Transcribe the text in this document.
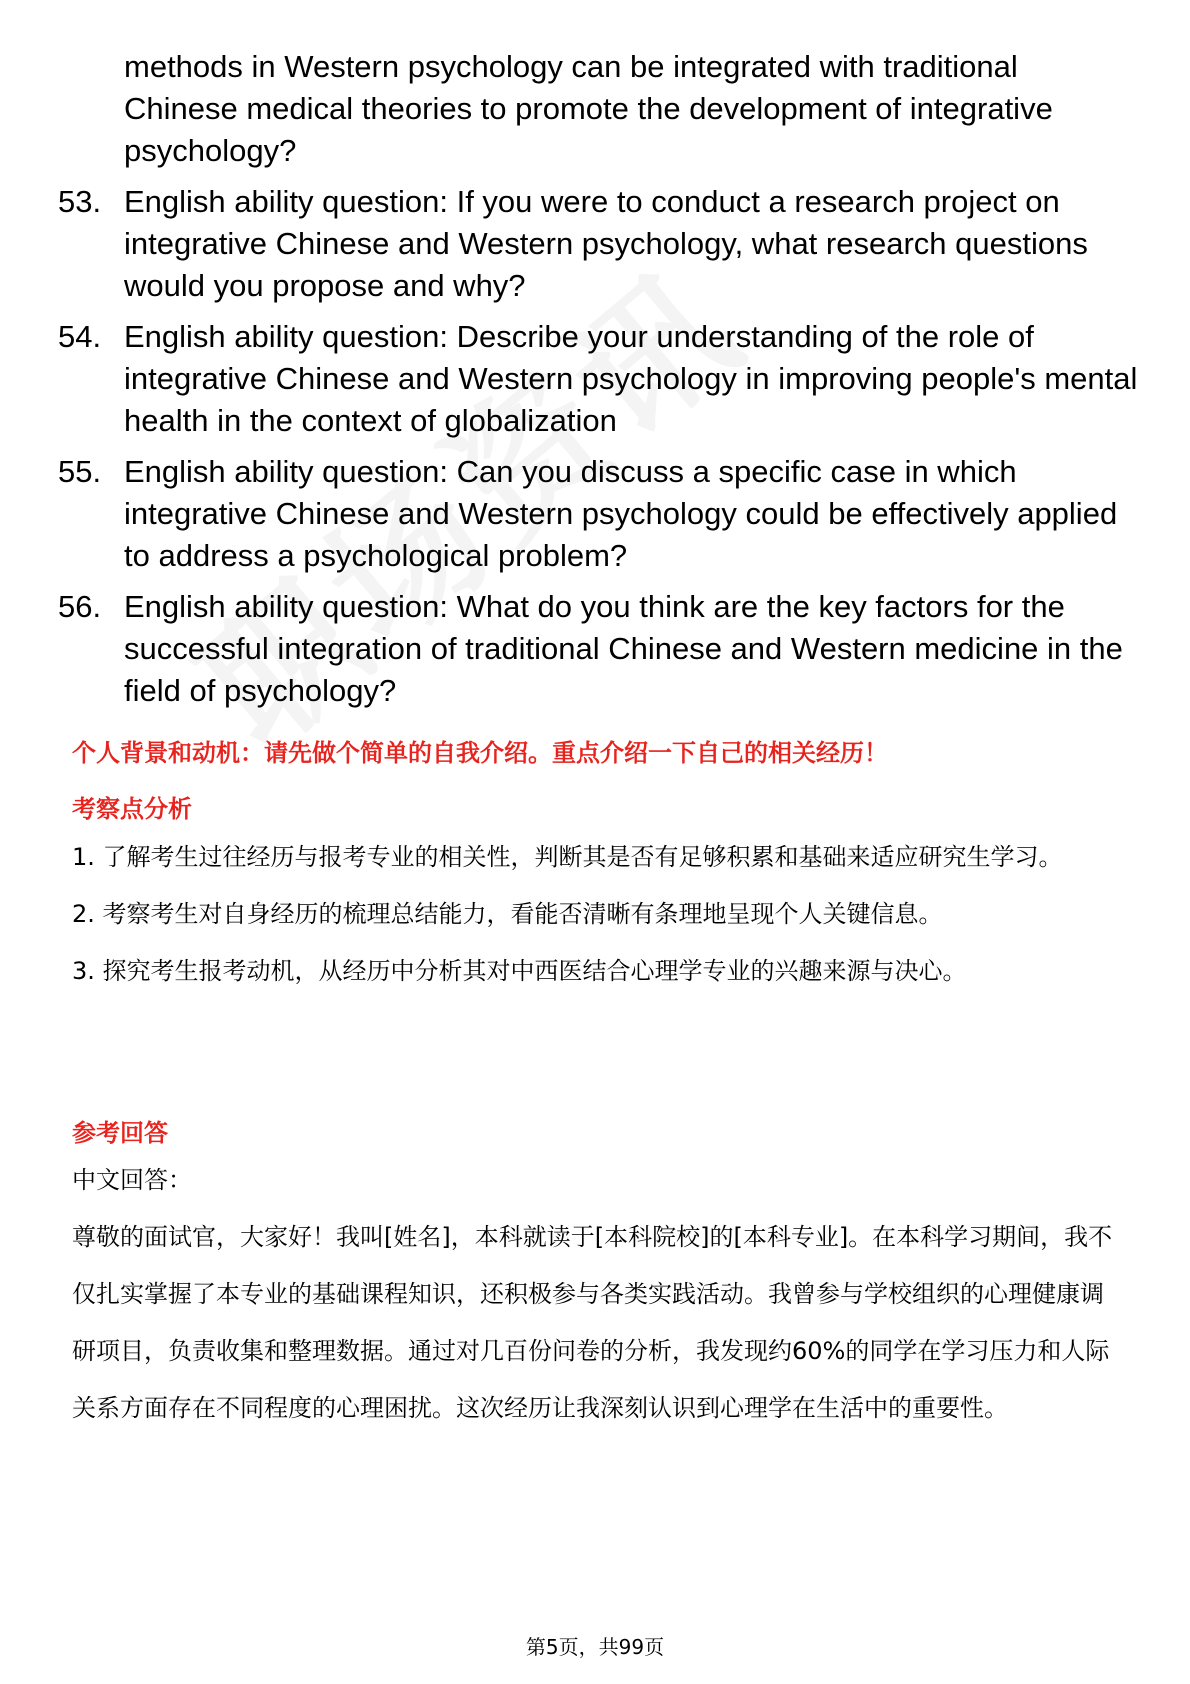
methods in Western psychology can be integrated with traditional Chinese medical theories to promote the development of integrative psychology?
53. English ability question: If you were to conduct a research project on integrative Chinese and Western psychology, what research questions would you propose and why?
54. English ability question: Describe your understanding of the role of integrative Chinese and Western psychology in improving people's mental health in the context of globalization
55. English ability question: Can you discuss a specific case in which integrative Chinese and Western psychology could be effectively applied to address a psychological problem?
56. English ability question: What do you think are the key factors for the successful integration of traditional Chinese and Western medicine in the field of psychology?
个人背景和动机：请先做个简单的自我介绍。重点介绍一下自己的相关经历！
考察点分析
1. 了解考生过往经历与报考专业的相关性，判断其是否有足够积累和基础来适应研究生学习。
2. 考察考生对自身经历的梳理总结能力，看能否清晰有条理地呈现个人关键信息。
3. 探究考生报考动机，从经历中分析其对中西医结合心理学专业的兴趣来源与决心。
参考回答
中文回答：
尊敬的面试官，大家好！我叫[姓名]，本科就读于[本科院校]的[本科专业]。在本科学习期间，我不仅扎实掌握了本专业的基础课程知识，还积极参与各类实践活动。我曾参与学校组织的心理健康调研项目，负责收集和整理数据。通过对几百份问卷的分析，我发现约60%的同学在学习压力和人际关系方面存在不同程度的心理困扰。这次经历让我深刻认识到心理学在生活中的重要性。
第5页，共99页
